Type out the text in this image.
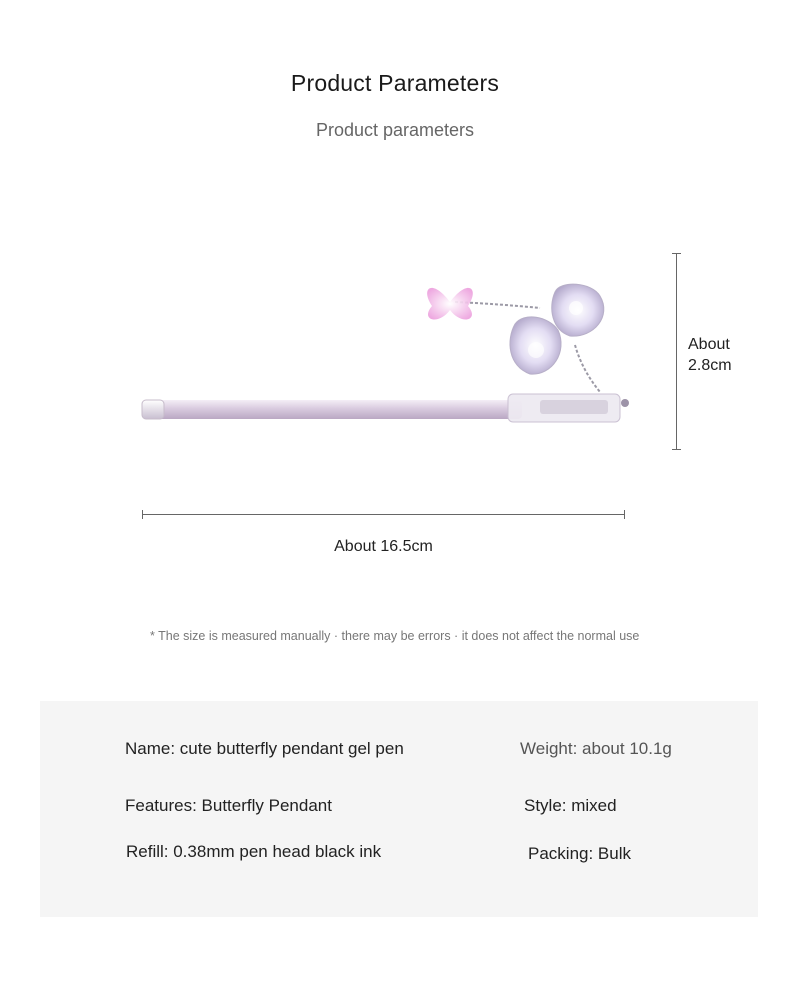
Product Parameters
Product parameters
About 16.5cm
About
2.8cm
* The size is measured manually · there may be errors · it does not affect the normal use
Name: cute butterfly pendant gel pen	Weight: about 10.1g
Features: Butterfly Pendant	Style: mixed
Refill: 0.38mm pen head black ink	Packing: Bulk
